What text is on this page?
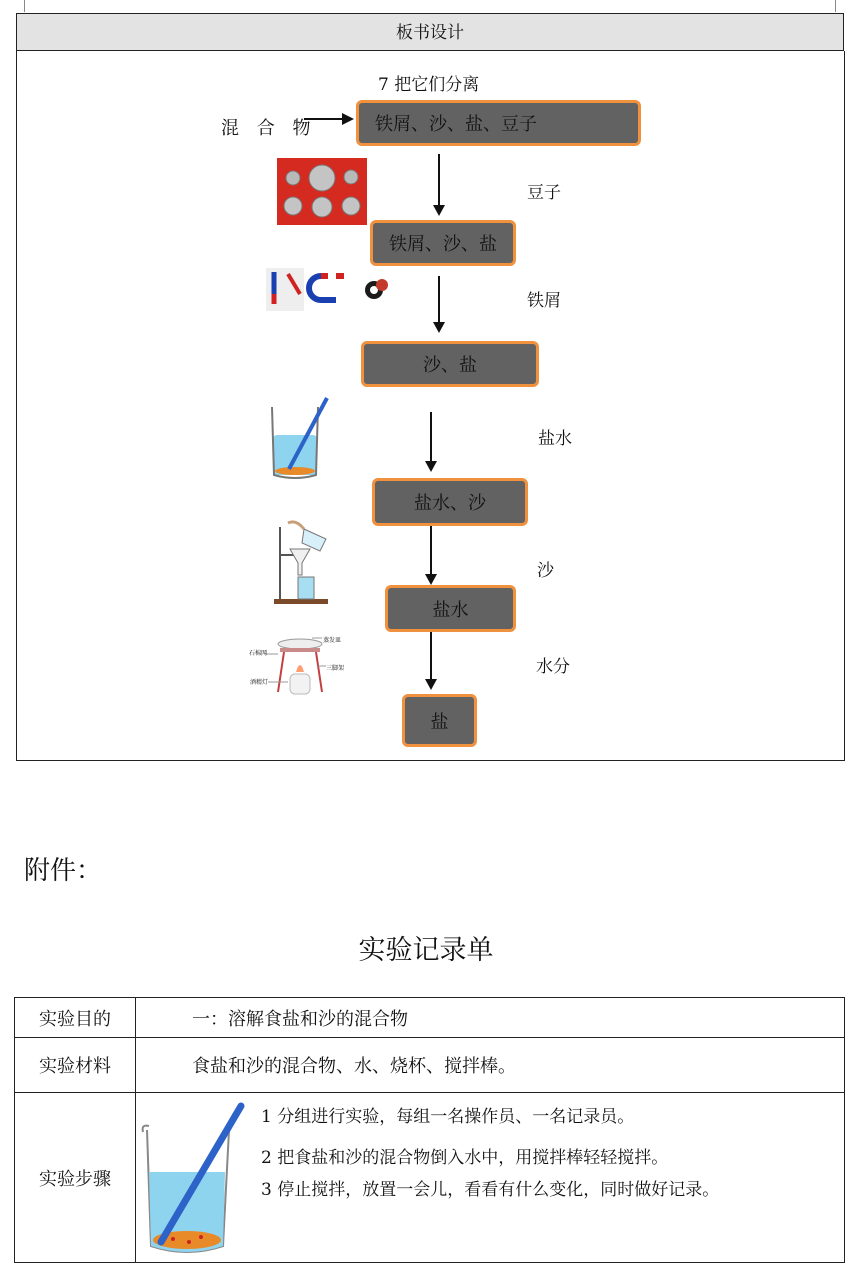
板书设计
7 把它们分离
混 合 物	铁屑、沙、盐、豆子
铁屑、沙、盐
沙、盐
盐水、沙
盐水
盐
豆子
铁屑
盐水
沙
水分
蒸发皿
石棉网
三脚架
酒精灯
附件：
实验记录单
实验目的	一：溶解食盐和沙的混合物
实验材料	食盐和沙的混合物、水、烧杯、搅拌棒。
实验步骤	1 分组进行实验，每组一名操作员、一名记录员。
2 把食盐和沙的混合物倒入水中，用搅拌棒轻轻搅拌。
3 停止搅拌，放置一会儿，看看有什么变化，同时做好记录。
